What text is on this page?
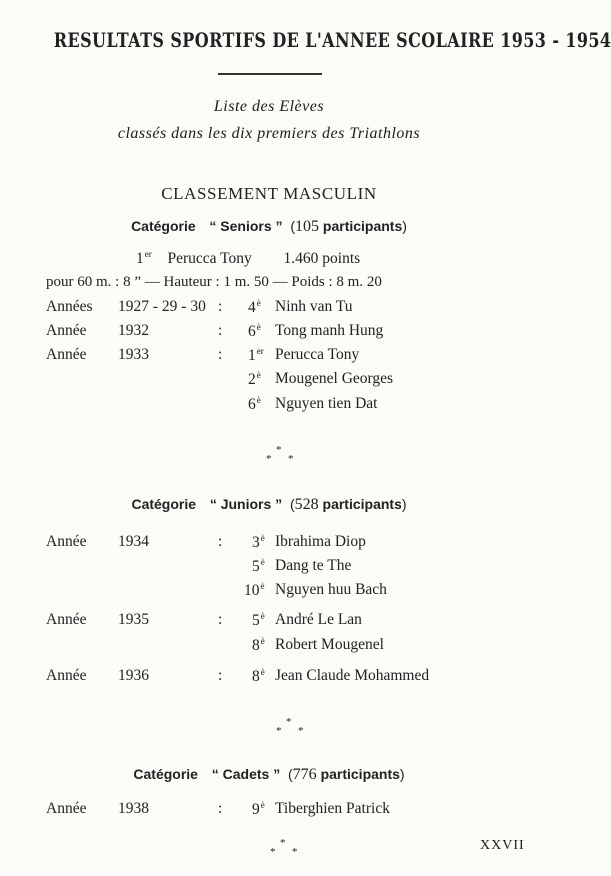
RESULTATS SPORTIFS DE L'ANNEE SCOLAIRE 1953 - 1954
Liste des Elèves
classés dans les dix premiers des Triathlons
CLASSEMENT MASCULIN
Catégorie “ Seniors ”  (105 participants)
1er Perucca Tony 1.460 points
pour 60 m. : 8 ” — Hauteur : 1 m. 50 — Poids : 8 m. 20
Années 1927 - 29 - 30 : $4^è$ Ninh van Tu
Année 1932	: $6^è$ Tong manh Hung
Année 1933	: 1er Perucca Tony
$2^è$ Mougenel Georges
$6^è$ Nguyen tien Dat
*
* *
Catégorie “ Juniors ”  (528 participants)
Année 1934	: $3^è$ Ibrahima Diop
$5^è$ Dang te The
$10^è$ Nguyen huu Bach
Année 1935	: $5^è$ André Le Lan
$8^è$ Robert Mougenel
Année 1936	: $8^è$ Jean Claude Mohammed
*
* *
Catégorie “ Cadets ”  (776 participants)
Année 1938	: $9^è$ Tiberghien Patrick
*
* *	XXVII
